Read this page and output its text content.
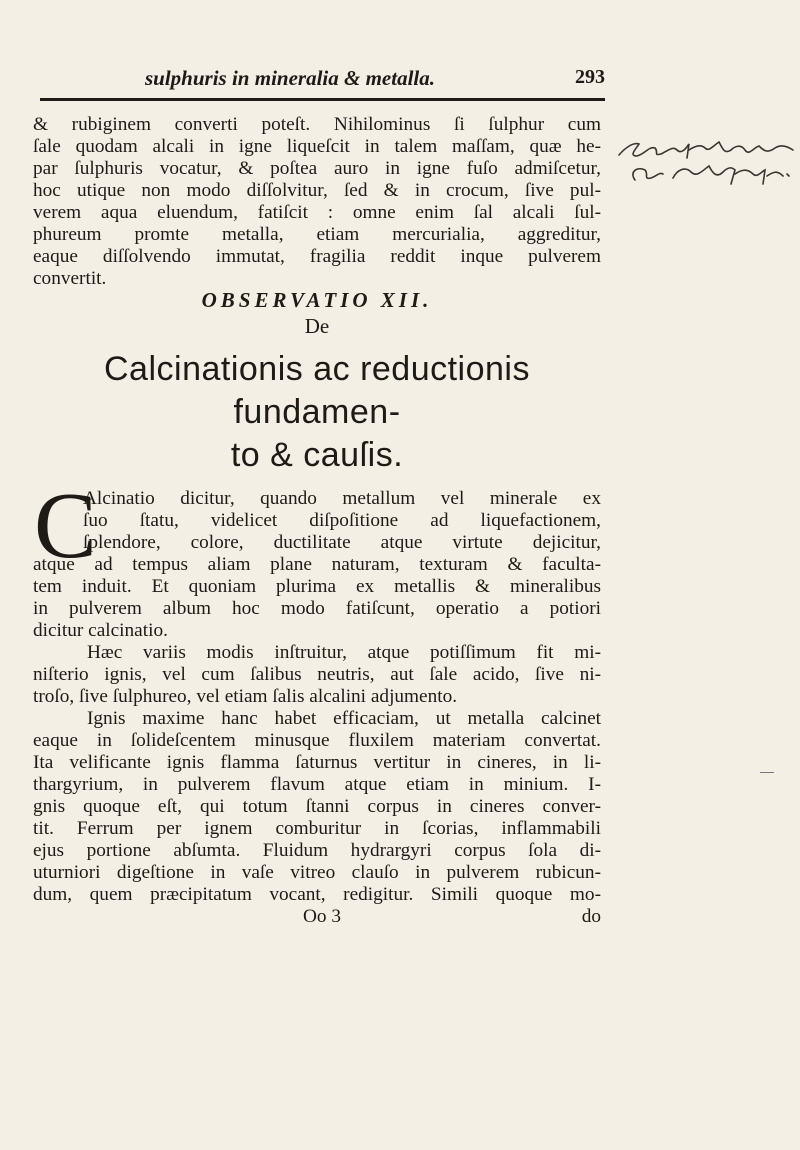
sulphuris in mineralia & metalla.	293
& rubiginem converti poteſt. Nihilominus ſi ſulphur cum
ſale quodam alcali in igne liqueſcit in talem maſſam, quæ he-
par ſulphuris vocatur, & poſtea auro in igne fuſo admiſcetur,
hoc utique non modo diſſolvitur, ſed & in crocum, ſive pul-
verem aqua eluendum, fatiſcit : omne enim ſal alcali ſul-
phureum promte metalla, etiam mercurialia, aggreditur,
eaque diſſolvendo immutat, fragilia reddit inque pulverem
convertit.
OBSERVATIO XII.
De
Calcinationis ac reductionis fundamen-
to & cauſis.
C
Alcinatio dicitur, quando metallum vel minerale ex
ſuo ſtatu, videlicet diſpoſitione ad liquefactionem,
ſplendore, colore, ductilitate atque virtute dejicitur,
atque ad tempus aliam plane naturam, texturam & faculta-
tem induit. Et quoniam plurima ex metallis & mineralibus
in pulverem album hoc modo fatiſcunt, operatio a potiori
dicitur calcinatio.
Hæc variis modis inſtruitur, atque potiſſimum fit mi-
niſterio ignis, vel cum ſalibus neutris, aut ſale acido, ſive ni-
troſo, ſive ſulphureo, vel etiam ſalis alcalini adjumento.
Ignis maxime hanc habet efficaciam, ut metalla calcinet
eaque in ſolideſcentem minusque fluxilem materiam convertat.
Ita velificante ignis flamma ſaturnus vertitur in cineres, in li-
thargyrium, in pulverem flavum atque etiam in minium. I-
gnis quoque eſt, qui totum ſtanni corpus in cineres conver-
tit. Ferrum per ignem comburitur in ſcorias, inflammabili
ejus portione abſumta. Fluidum hydrargyri corpus ſola di-
uturniori digeſtione in vaſe vitreo clauſo in pulverem rubicun-
dum, quem præcipitatum vocant, redigitur. Simili quoque mo-
Oo 3	do
